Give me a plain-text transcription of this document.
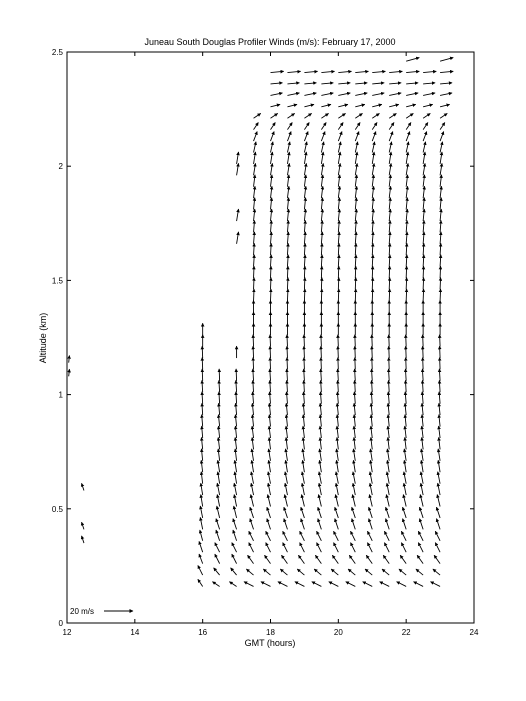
Juneau South Douglas Profiler Winds (m/s): February 17, 2000
Altitude (km)
GMT (hours)
12	14	16	18	20	22	24
0
0.5
1
1.5
2
2.5
20 m/s
